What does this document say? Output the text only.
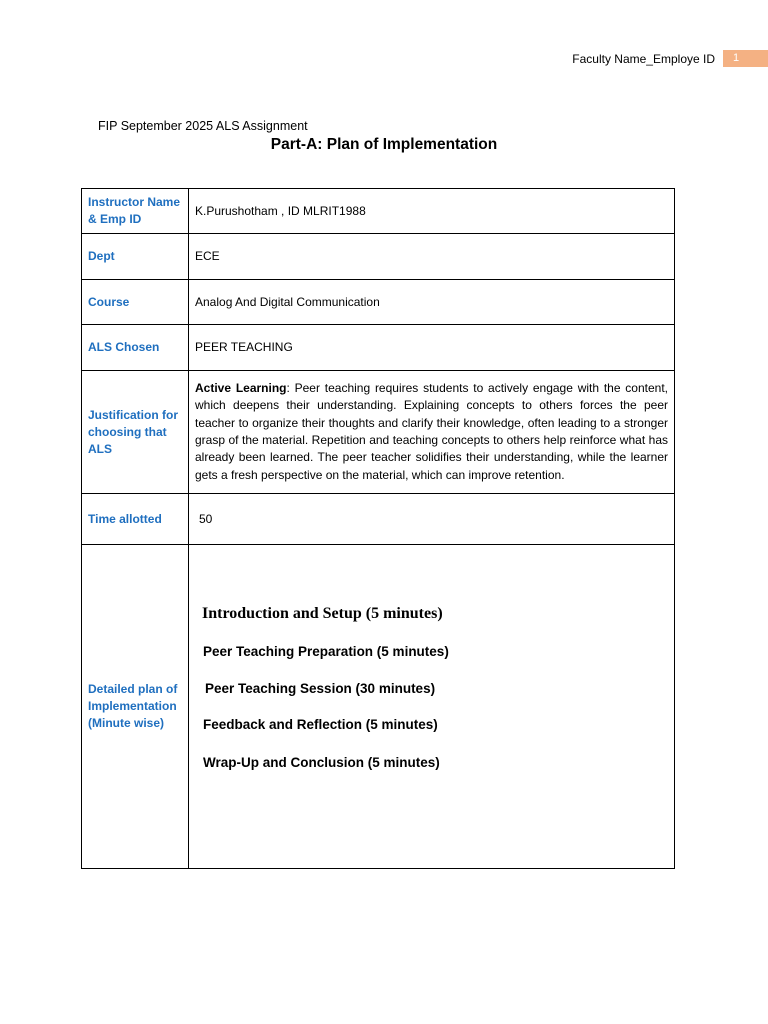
Faculty Name_Employe ID	1
FIP September 2025 ALS Assignment
Part-A: Plan of Implementation
Instructor Name & Emp ID	K.Purushotham , ID MLRIT1988
Dept	ECE
Course	Analog And Digital Communication
ALS Chosen	PEER TEACHING
Justification for choosing that ALS	Active Learning: Peer teaching requires students to actively engage with the content, which deepens their understanding. Explaining concepts to others forces the peer teacher to organize their thoughts and clarify their knowledge, often leading to a stronger grasp of the material. Repetition and teaching concepts to others help reinforce what has already been learned. The peer teacher solidifies their understanding, while the learner gets a fresh perspective on the material, which can improve retention.
Time allotted	50
Detailed plan of Implementation (Minute wise)	Introduction and Setup (5 minutes)

Peer Teaching Preparation (5 minutes)

Peer Teaching Session (30 minutes)

Feedback and Reflection (5 minutes)

Wrap-Up and Conclusion (5 minutes)
